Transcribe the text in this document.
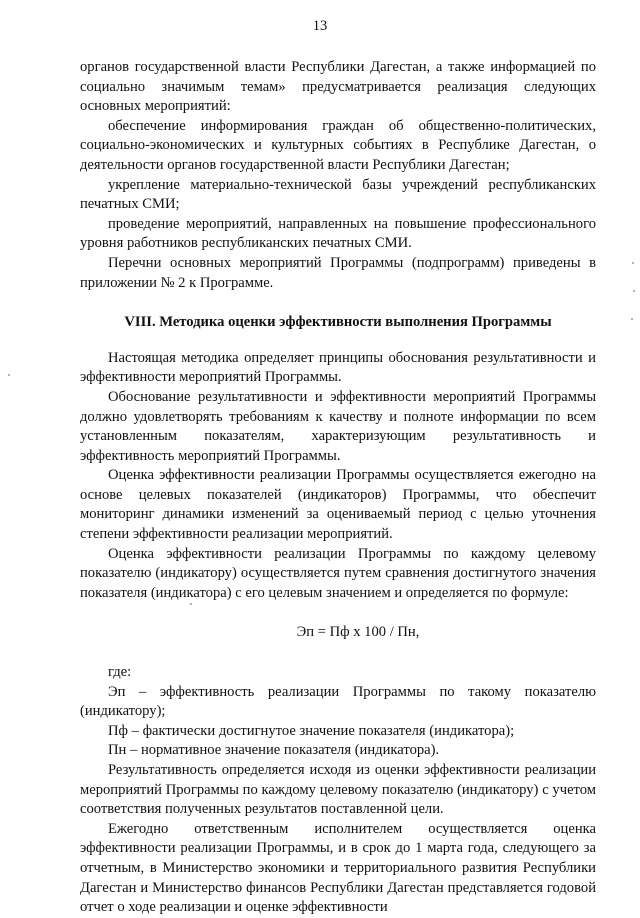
13

органов государственной власти Республики Дагестан, а также информацией по социально значимым темам» предусматривается реализация следующих основных мероприятий:

обеспечение информирования граждан об общественно-политических, социально-экономических и культурных событиях в Республике Дагестан, о деятельности органов государственной власти Республики Дагестан;

укрепление материально-технической базы учреждений республиканских печатных СМИ;

проведение мероприятий, направленных на повышение профессионального уровня работников республиканских печатных СМИ.

Перечни основных мероприятий Программы (подпрограмм) приведены в приложении № 2 к Программе.

VIII. Методика оценки эффективности выполнения Программы

Настоящая методика определяет принципы обоснования результативности и эффективности мероприятий Программы.

Обоснование результативности и эффективности мероприятий Программы должно удовлетворять требованиям к качеству и полноте информации по всем установленным показателям, характеризующим результативность и эффективность мероприятий Программы.

Оценка эффективности реализации Программы осуществляется ежегодно на основе целевых показателей (индикаторов) Программы, что обеспечит мониторинг динамики изменений за оцениваемый период с целью уточнения степени эффективности реализации мероприятий.

Оценка эффективности реализации Программы по каждому целевому показателю (индикатору) осуществляется путем сравнения достигнутого значения показателя (индикатора) с его целевым значением и определяется по формуле:

Эп = Пф x 100 / Пн,

где:

Эп – эффективность реализации Программы по такому показателю (индикатору);

Пф – фактически достигнутое значение показателя (индикатора);

Пн – нормативное значение показателя (индикатора).

Результативность определяется исходя из оценки эффективности реализации мероприятий Программы по каждому целевому показателю (индикатору) с учетом соответствия полученных результатов поставленной цели.

Ежегодно ответственным исполнителем осуществляется оценка эффективности реализации Программы, и в срок до 1 марта года, следующего за отчетным, в Министерство экономики и территориального развития Республики Дагестан и Министерство финансов Республики Дагестан представляется годовой отчет о ходе реализации и оценке эффективности
